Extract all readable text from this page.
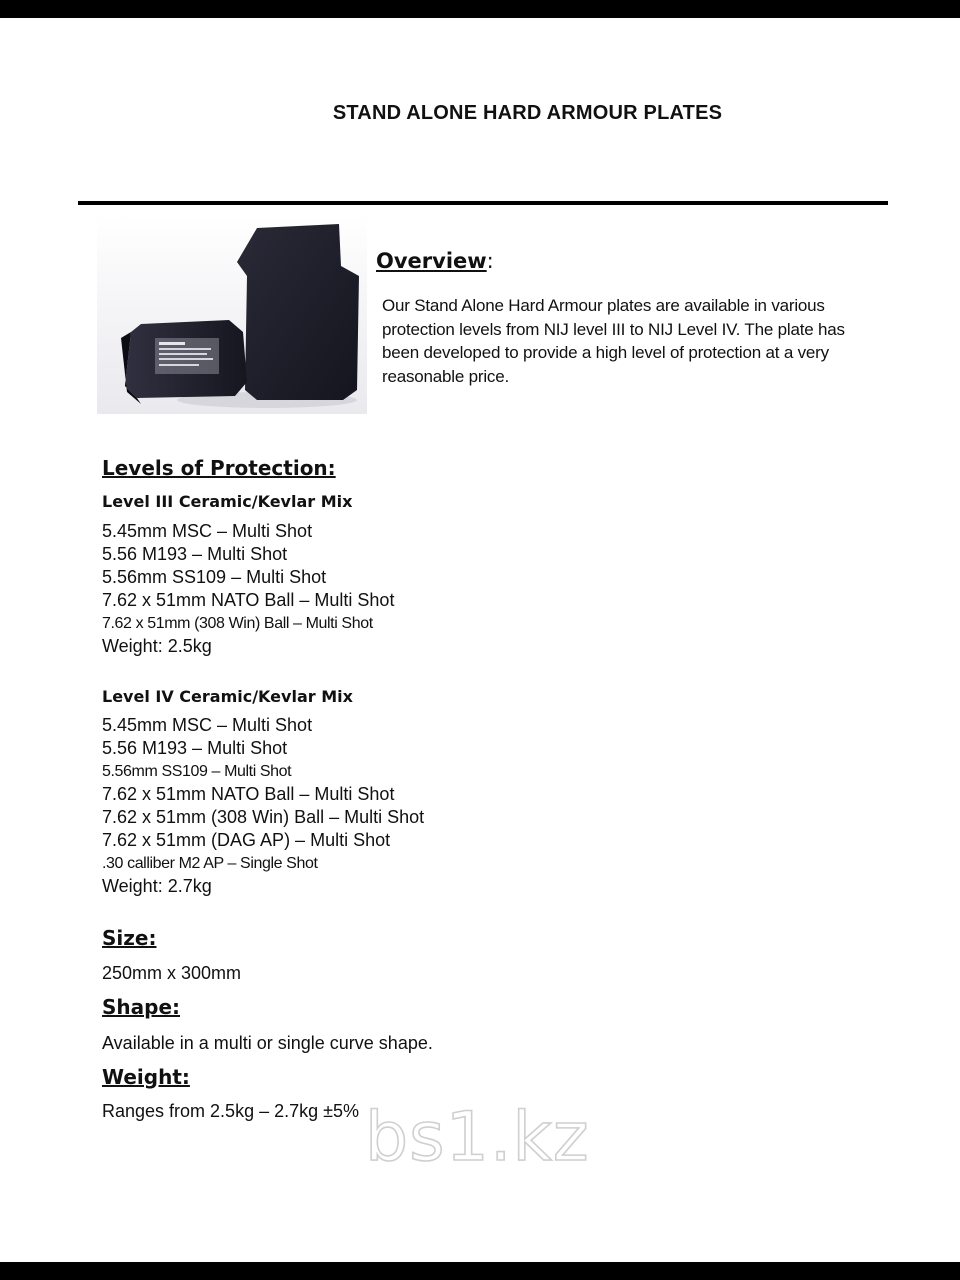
STAND ALONE HARD ARMOUR PLATES
Overview:
Our Stand Alone Hard Armour plates are available in various protection levels from NIJ level III to NIJ Level IV. The plate has been developed to provide a high level of protection at a very reasonable price.
Levels of Protection:
Level III Ceramic/Kevlar Mix
5.45mm MSC – Multi Shot
5.56 M193 – Multi Shot
5.56mm SS109 – Multi Shot
7.62 x 51mm NATO Ball – Multi Shot
7.62 x 51mm (308 Win) Ball – Multi Shot
Weight: 2.5kg
Level IV Ceramic/Kevlar Mix
5.45mm MSC – Multi Shot
5.56 M193 – Multi Shot
5.56mm SS109 – Multi Shot
7.62 x 51mm NATO Ball – Multi Shot
7.62 x 51mm (308 Win) Ball – Multi Shot
7.62 x 51mm (DAG AP) – Multi Shot
.30 calliber M2 AP – Single Shot
Weight: 2.7kg
Size:
250mm x 300mm
Shape:
Available in a multi or single curve shape.
Weight:
Ranges from 2.5kg – 2.7kg ±5% bs1.kz
